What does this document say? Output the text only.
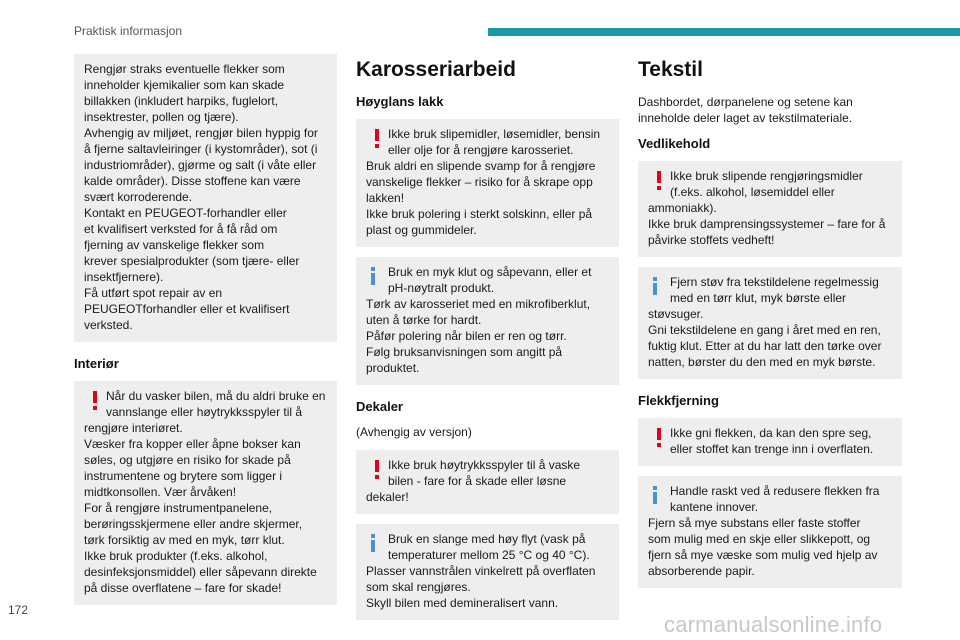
Praktisk informasjon
Rengjør straks eventuelle flekker som
inneholder kjemikalier som kan skade
billakken (inkludert harpiks, fuglelort,
insektrester, pollen og tjære).
Avhengig av miljøet, rengjør bilen hyppig for
å fjerne saltavleiringer (i kystområder), sot (i
industriområder), gjørme og salt (i våte eller
kalde områder). Disse stoffene kan være
svært korroderende.
Kontakt en PEUGEOT-forhandler eller
et kvalifisert verksted for å få råd om
fjerning av vanskelige flekker som
krever spesialprodukter (som tjære- eller
insektfjernere).
Få utført spot repair av en
PEUGEOTforhandler eller et kvalifisert
verksted.
Interiør
Når du vasker bilen, må du aldri bruke en
vannslange eller høytrykksspyler til å
rengjøre interiøret.
Væsker fra kopper eller åpne bokser kan
søles, og utgjøre en risiko for skade på
instrumentene og brytere som ligger i
midtkonsollen. Vær årvåken!
For å rengjøre instrumentpanelene,
berøringsskjermene eller andre skjermer,
tørk forsiktig av med en myk, tørr klut.
Ikke bruk produkter (f.eks. alkohol,
desinfeksjonsmiddel) eller såpevann direkte
på disse overflatene – fare for skade!
Karosseriarbeid
Høyglans lakk
Ikke bruk slipemidler, løsemidler, bensin
eller olje for å rengjøre karosseriet.
Bruk aldri en slipende svamp for å rengjøre
vanskelige flekker – risiko for å skrape opp
lakken!
Ikke bruk polering i sterkt solskinn, eller på
plast og gummideler.
Bruk en myk klut og såpevann, eller et
pH-nøytralt produkt.
Tørk av karosseriet med en mikrofiberklut,
uten å tørke for hardt.
Påfør polering når bilen er ren og tørr.
Følg bruksanvisningen som angitt på
produktet.
Dekaler

(Avhengig av versjon)

Ikke bruk høytrykksspyler til å vaske
bilen - fare for å skade eller løsne
dekaler!
Bruk en slange med høy flyt (vask på
temperaturer mellom 25 °C og 40 °C).
Plasser vannstrålen vinkelrett på overflaten
som skal rengjøres.
Skyll bilen med demineralisert vann.
Tekstil

Dashbordet, dørpanelene og setene kan inneholde deler laget av tekstilmateriale.

Vedlikehold
Ikke bruk slipende rengjøringsmidler
(f.eks. alkohol, løsemiddel eller
ammoniakk).
Ikke bruk damprensingssystemer – fare for å
påvirke stoffets vedheft!
Fjern støv fra tekstildelene regelmessig
med en tørr klut, myk børste eller
støvsuger.
Gni tekstildelene en gang i året med en ren,
fuktig klut. Etter at du har latt den tørke over
natten, børster du den med en myk børste.
Flekkfjerning
Ikke gni flekken, da kan den spre seg,
eller stoffet kan trenge inn i overflaten.
Handle raskt ved å redusere flekken fra
kantene innover.
Fjern så mye substans eller faste stoffer
som mulig med en skje eller slikkepott, og
fjern så mye væske som mulig ved hjelp av
absorberende papir.
172
carmanualsonline.info
